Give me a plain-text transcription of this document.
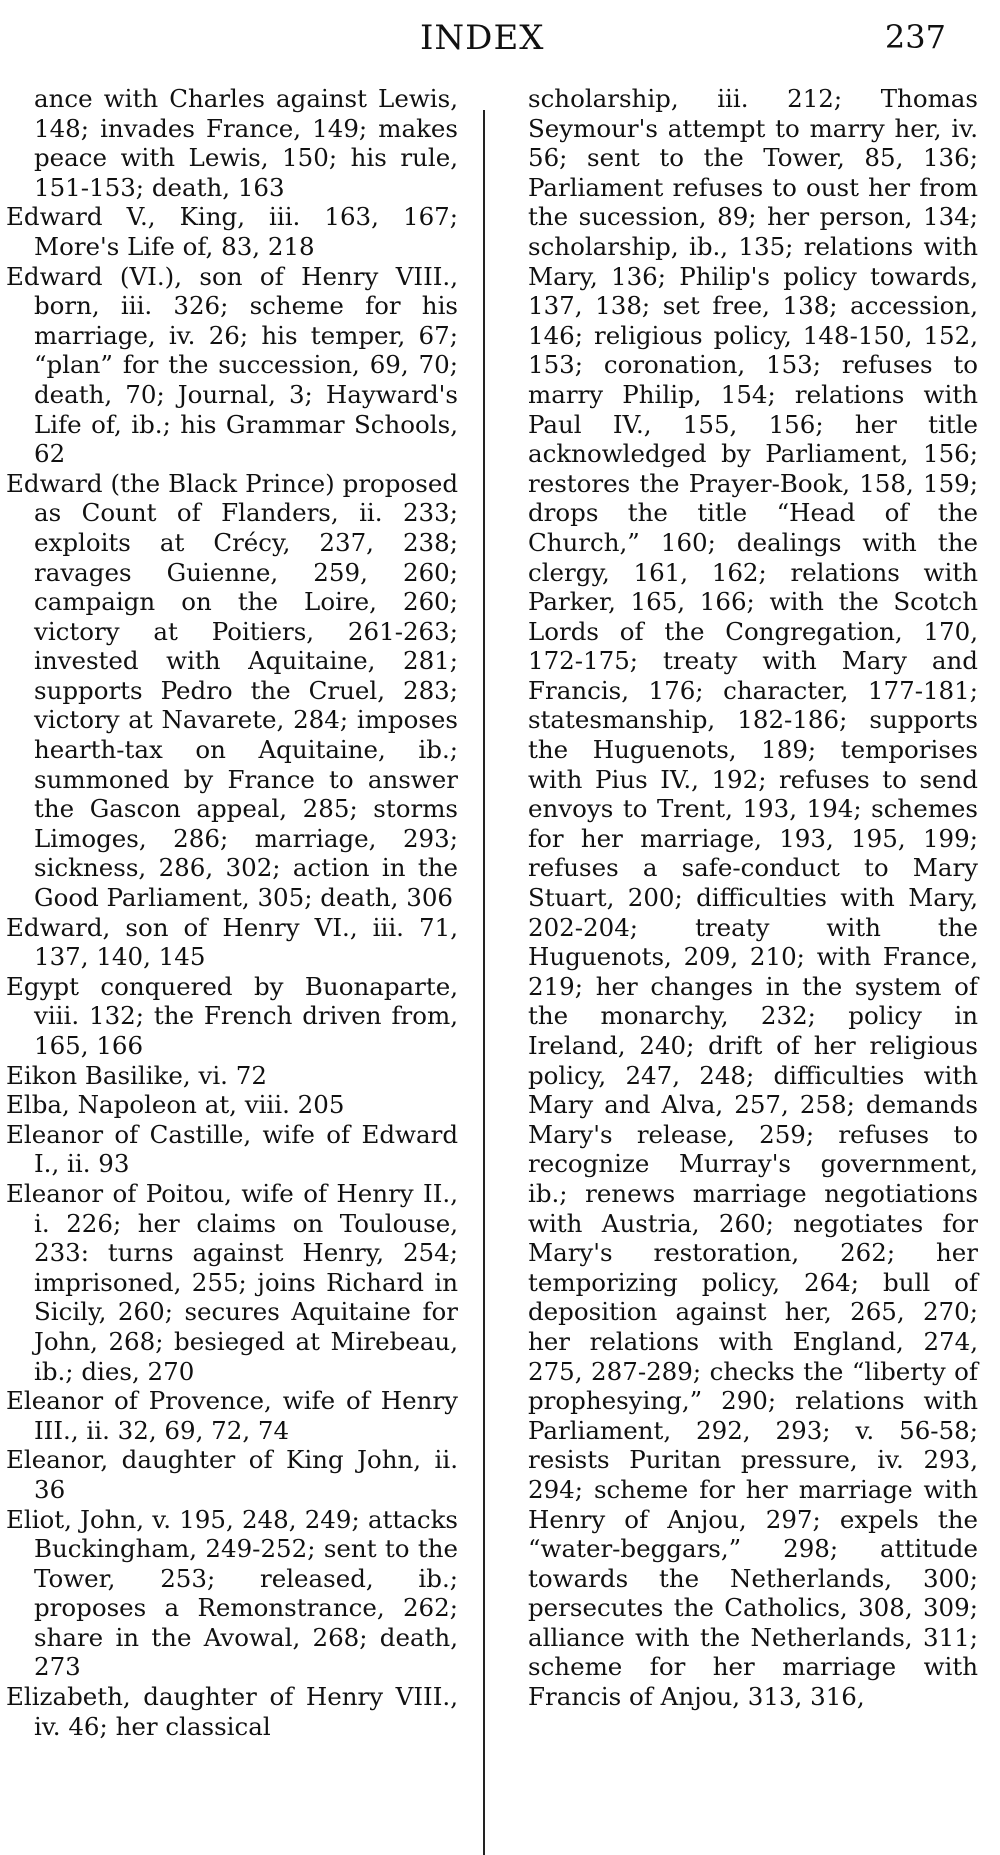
INDEX	237

ance with Charles against Lewis, 148; invades France, 149; makes peace with Lewis, 150; his rule, 151-153; death, 163

Edward V., King, iii. 163, 167; More's Life of, 83, 218

Edward (VI.), son of Henry VIII., born, iii. 326; scheme for his marriage, iv. 26; his temper, 67; “plan” for the succession, 69, 70; death, 70; Journal, 3; Hayward's Life of, ib.; his Grammar Schools, 62

Edward (the Black Prince) proposed as Count of Flanders, ii. 233; exploits at Crécy, 237, 238; ravages Guienne, 259, 260; campaign on the Loire, 260; victory at Poitiers, 261-263; invested with Aquitaine, 281; supports Pedro the Cruel, 283; victory at Navarete, 284; imposes hearth-tax on Aquitaine, ib.; summoned by France to answer the Gascon appeal, 285; storms Limoges, 286; marriage, 293; sickness, 286, 302; action in the Good Parliament, 305; death, 306

Edward, son of Henry VI., iii. 71, 137, 140, 145

Egypt conquered by Buonaparte, viii. 132; the French driven from, 165, 166

Eikon Basilike, vi. 72

Elba, Napoleon at, viii. 205

Eleanor of Castille, wife of Edward I., ii. 93

Eleanor of Poitou, wife of Henry II., i. 226; her claims on Toulouse, 233: turns against Henry, 254; imprisoned, 255; joins Richard in Sicily, 260; secures Aquitaine for John, 268; besieged at Mirebeau, ib.; dies, 270

Eleanor of Provence, wife of Henry III., ii. 32, 69, 72, 74

Eleanor, daughter of King John, ii. 36

Eliot, John, v. 195, 248, 249; attacks Buckingham, 249-252; sent to the Tower, 253; released, ib.; proposes a Remonstrance, 262; share in the Avowal, 268; death, 273

Elizabeth, daughter of Henry VIII., iv. 46; her classical

scholarship, iii. 212; Thomas Seymour's attempt to marry her, iv. 56; sent to the Tower, 85, 136; Parliament refuses to oust her from the sucession, 89; her person, 134; scholarship, ib., 135; relations with Mary, 136; Philip's policy towards, 137, 138; set free, 138; accession, 146; religious policy, 148-150, 152, 153; coronation, 153; refuses to marry Philip, 154; relations with Paul IV., 155, 156; her title acknowledged by Parliament, 156; restores the Prayer-Book, 158, 159; drops the title “Head of the Church,” 160; dealings with the clergy, 161, 162; relations with Parker, 165, 166; with the Scotch Lords of the Congregation, 170, 172-175; treaty with Mary and Francis, 176; character, 177-181; statesmanship, 182-186; supports the Huguenots, 189; temporises with Pius IV., 192; refuses to send envoys to Trent, 193, 194; schemes for her marriage, 193, 195, 199; refuses a safe-conduct to Mary Stuart, 200; difficulties with Mary, 202-204; treaty with the Huguenots, 209, 210; with France, 219; her changes in the system of the monarchy, 232; policy in Ireland, 240; drift of her religious policy, 247, 248; difficulties with Mary and Alva, 257, 258; demands Mary's release, 259; refuses to recognize Murray's government, ib.; renews marriage negotiations with Austria, 260; negotiates for Mary's restoration, 262; her temporizing policy, 264; bull of deposition against her, 265, 270; her relations with England, 274, 275, 287-289; checks the “liberty of prophesying,” 290; relations with Parliament, 292, 293; v. 56-58; resists Puritan pressure, iv. 293, 294; scheme for her marriage with Henry of Anjou, 297; expels the “water-beggars,” 298; attitude towards the Netherlands, 300; persecutes the Catholics, 308, 309; alliance with the Netherlands, 311; scheme for her marriage with Francis of Anjou, 313, 316,
